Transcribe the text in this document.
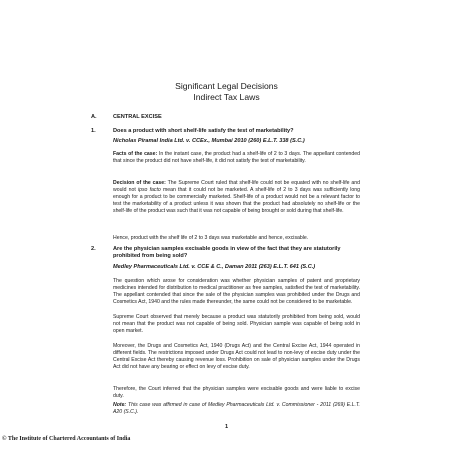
Significant Legal Decisions
Indirect Tax Laws
A.	CENTRAL EXCISE
1.	Does a product with short shelf-life satisfy the test of marketability?
Nicholas Piramal India Ltd. v. CCEx., Mumbai 2010 (260) E.L.T. 338 (S.C.)
Facts of the case: In the instant case, the product had a shelf-life of 2 to 3 days. The appellant contended that since the product did not have shelf-life, it did not satisfy the test of marketability.
Decision of the case: The Supreme Court ruled that shelf-life could not be equated with no shelf-life and would not ipso facto mean that it could not be marketed. A shelf-life of 2 to 3 days was sufficiently long enough for a product to be commercially marketed. Shelf-life of a product would not be a relevant factor to test the marketability of a product unless it was shown that the product had absolutely no shelf-life or the shelf-life of the product was such that it was not capable of being brought or sold during that shelf-life.
Hence, product with the shelf life of 2 to 3 days was marketable and hence, excisable.
2.	Are the physician samples excisable goods in view of the fact that they are statutorily prohibited from being sold?
Medley Pharmaceuticals Ltd. v. CCE & C., Daman 2011 (263) E.L.T. 641 (S.C.)
The question which arose for consideration was whether physician samples of patent and proprietary medicines intended for distribution to medical practitioner as free samples, satisfied the test of marketability. The appellant contended that since the sale of the physician samples was prohibited under the Drugs and Cosmetics Act, 1940 and the rules made thereunder, the same could not be considered to be marketable.
Supreme Court observed that merely because a product was statutorily prohibited from being sold, would not mean that the product was not capable of being sold. Physician sample was capable of being sold in open market.
Moreover, the Drugs and Cosmetics Act, 1940 (Drugs Act) and the Central Excise Act, 1944 operated in different fields. The restrictions imposed under Drugs Act could not lead to non-levy of excise duty under the Central Excise Act thereby causing revenue loss. Prohibition on sale of physician samples under the Drugs Act did not have any bearing or effect on levy of excise duty.
Therefore, the Court inferred that the physician samples were excisable goods and were liable to excise duty.
Note: This case was affirmed in case of Medley Pharmaceuticals Ltd. v. Commissioner - 2011 (269) E.L.T. A20 (S.C.).
1
© The Institute of Chartered Accountants of India
